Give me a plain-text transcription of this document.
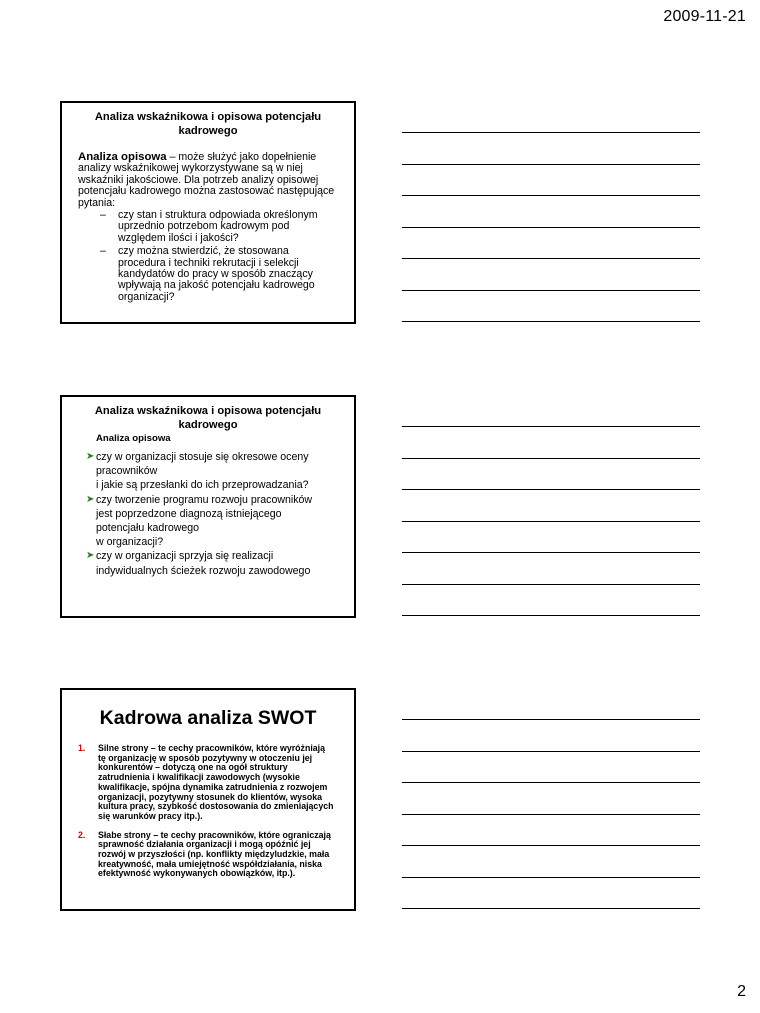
2009-11-21
Analiza wskaźnikowa i opisowa potencjału kadrowego
Analiza opisowa – może służyć jako dopełnienie analizy wskaźnikowej wykorzystywane są w niej wskaźniki jakościowe. Dla potrzeb analizy opisowej potencjału kadrowego można zastosować następujące pytania:
– czy stan i struktura odpowiada określonym uprzednio potrzebom kadrowym pod względem ilości i jakości?
– czy można stwierdzić, że stosowana procedura i techniki rekrutacji i selekcji kandydatów do pracy w sposób znaczący wpływają na jakość potencjału kadrowego organizacji?
Analiza wskaźnikowa i opisowa potencjału kadrowego
Analiza opisowa
➤ czy w organizacji stosuje się okresowe oceny
pracowników
i jakie są przesłanki do ich przeprowadzania?
➤ czy tworzenie programu rozwoju pracowników
jest poprzedzone diagnozą istniejącego
potencjału kadrowego
w organizacji?
➤ czy w organizacji sprzyja się realizacji
indywidualnych ścieżek rozwoju zawodowego
Kadrowa analiza SWOT
1. Silne strony – te cechy pracowników, które wyróżniają tę organizację w sposób pozytywny w otoczeniu jej konkurentów – dotyczą one na ogół struktury zatrudnienia i kwalifikacji zawodowych (wysokie kwalifikacje, spójna dynamika zatrudnienia z rozwojem organizacji, pozytywny stosunek do klientów, wysoka kultura pracy, szybkość dostosowania do zmieniających się warunków pracy itp.).
2. Słabe strony – te cechy pracowników, które ograniczają sprawność działania organizacji i mogą opóźnić jej rozwój w przyszłości (np. konflikty międzyludzkie, mała kreatywność, mała umiejętność współdziałania, niska efektywność wykonywanych obowiązków, itp.).
2
